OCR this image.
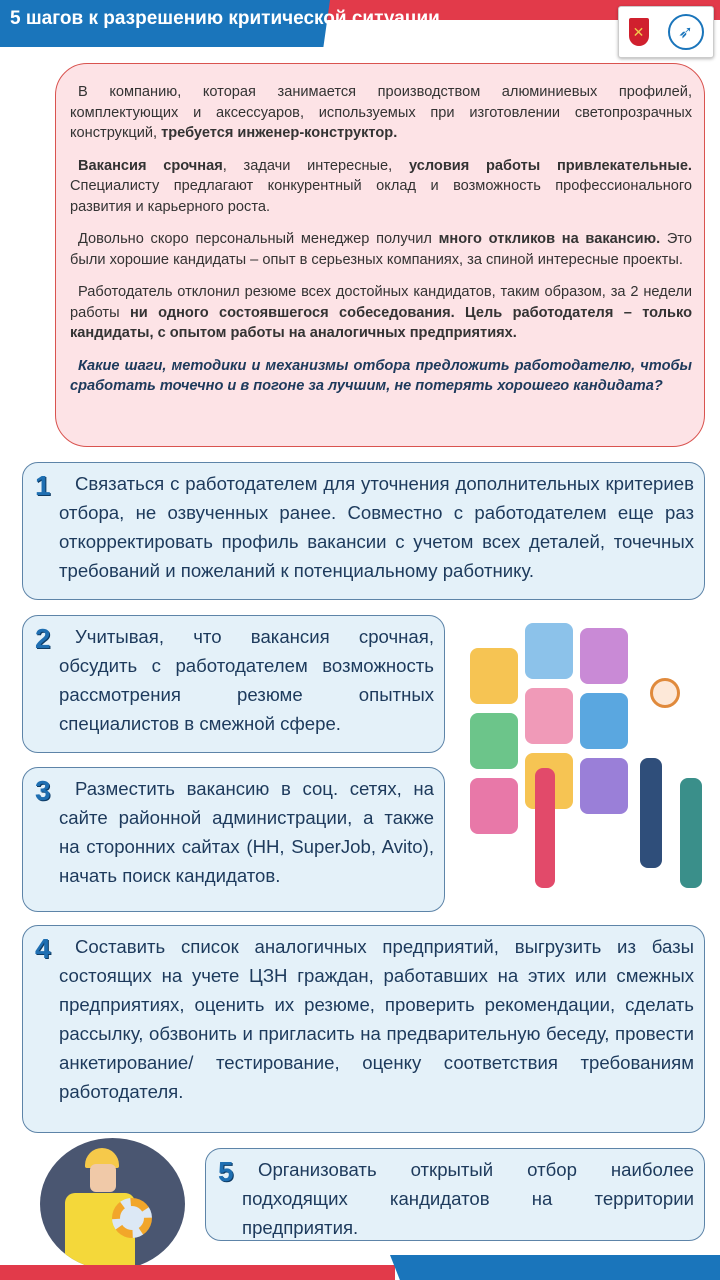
5 шагов к разрешению критической ситуации
✕	➶

В компанию, которая занимается производством алюминиевых профилей, комплектующих и аксессуаров, используемых при изготовлении светопрозрачных конструкций, требуется инженер-конструктор.

Вакансия срочная, задачи интересные, условия работы привлекательные. Специалисту предлагают конкурентный оклад и возможность профессионального развития и карьерного роста.

Довольно скоро персональный менеджер получил много откликов на вакансию. Это были хорошие кандидаты – опыт в серьезных компаниях, за спиной интересные проекты.

Работодатель отклонил резюме всех достойных кандидатов, таким образом, за 2 недели работы ни одного состоявшегося собеседования. Цель работодателя – только кандидаты, с опытом работы на аналогичных предприятиях.

Какие шаги, методики и механизмы отбора предложить работодателю, чтобы сработать точечно и в погоне за лучшим, не потерять хорошего кандидата?

1	Связаться с работодателем для уточнения дополнительных критериев отбора, не озвученных ранее. Совместно с работодателем еще раз откорректировать профиль вакансии с учетом всех деталей, точечных требований и пожеланий к потенциальному работнику.

2	Учитывая, что вакансия срочная, обсудить с работодателем возможность рассмотрения резюме опытных специалистов в смежной сфере.

3	Разместить вакансию в соц. сетях, на сайте районной администрации, а также на сторонних сайтах (HH, SuperJob, Avito), начать поиск кандидатов.

4	Составить список аналогичных предприятий, выгрузить из базы состоящих на учете ЦЗН граждан, работавших на этих или смежных предприятиях, оценить их резюме, проверить рекомендации, сделать рассылку, обзвонить и пригласить на предварительную беседу, провести анкетирование/ тестирование, оценку соответствия требованиям работодателя.

5	Организовать открытый отбор наиболее подходящих кандидатов на территории предприятия.
